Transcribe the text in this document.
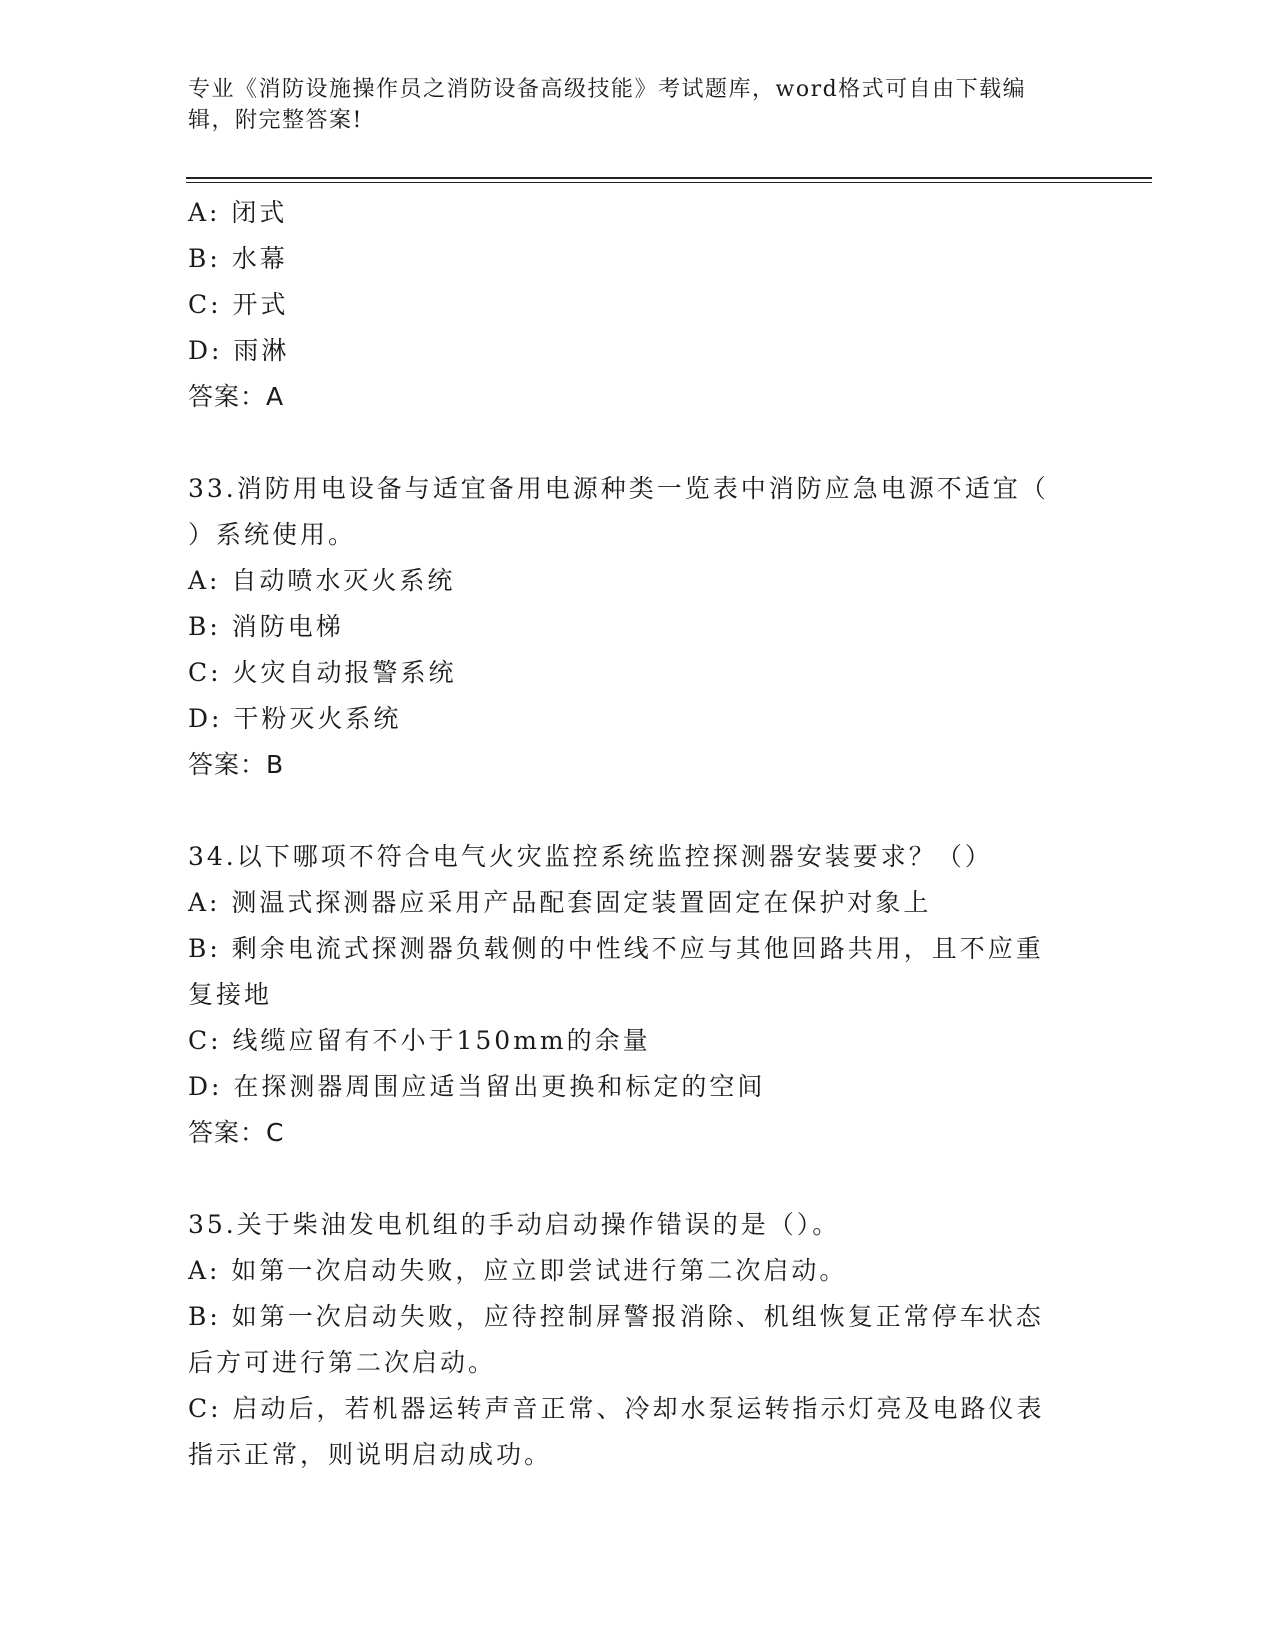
专业《消防设施操作员之消防设备高级技能》考试题库，word格式可自由下载编
辑，附完整答案!
A: 闭式
B: 水幕
C: 开式
D: 雨淋
答案：A
33.消防用电设备与适宜备用电源种类一览表中消防应急电源不适宜（
）系统使用。
A: 自动喷水灭火系统
B: 消防电梯
C: 火灾自动报警系统
D: 干粉灭火系统
答案：B
34.以下哪项不符合电气火灾监控系统监控探测器安装要求？（）
A: 测温式探测器应采用产品配套固定装置固定在保护对象上
B: 剩余电流式探测器负载侧的中性线不应与其他回路共用，且不应重
复接地
C: 线缆应留有不小于150mm的余量
D: 在探测器周围应适当留出更换和标定的空间
答案：C
35.关于柴油发电机组的手动启动操作错误的是（）。
A: 如第一次启动失败，应立即尝试进行第二次启动。
B: 如第一次启动失败，应待控制屏警报消除、机组恢复正常停车状态
后方可进行第二次启动。
C: 启动后，若机器运转声音正常、冷却水泵运转指示灯亮及电路仪表
指示正常，则说明启动成功。
